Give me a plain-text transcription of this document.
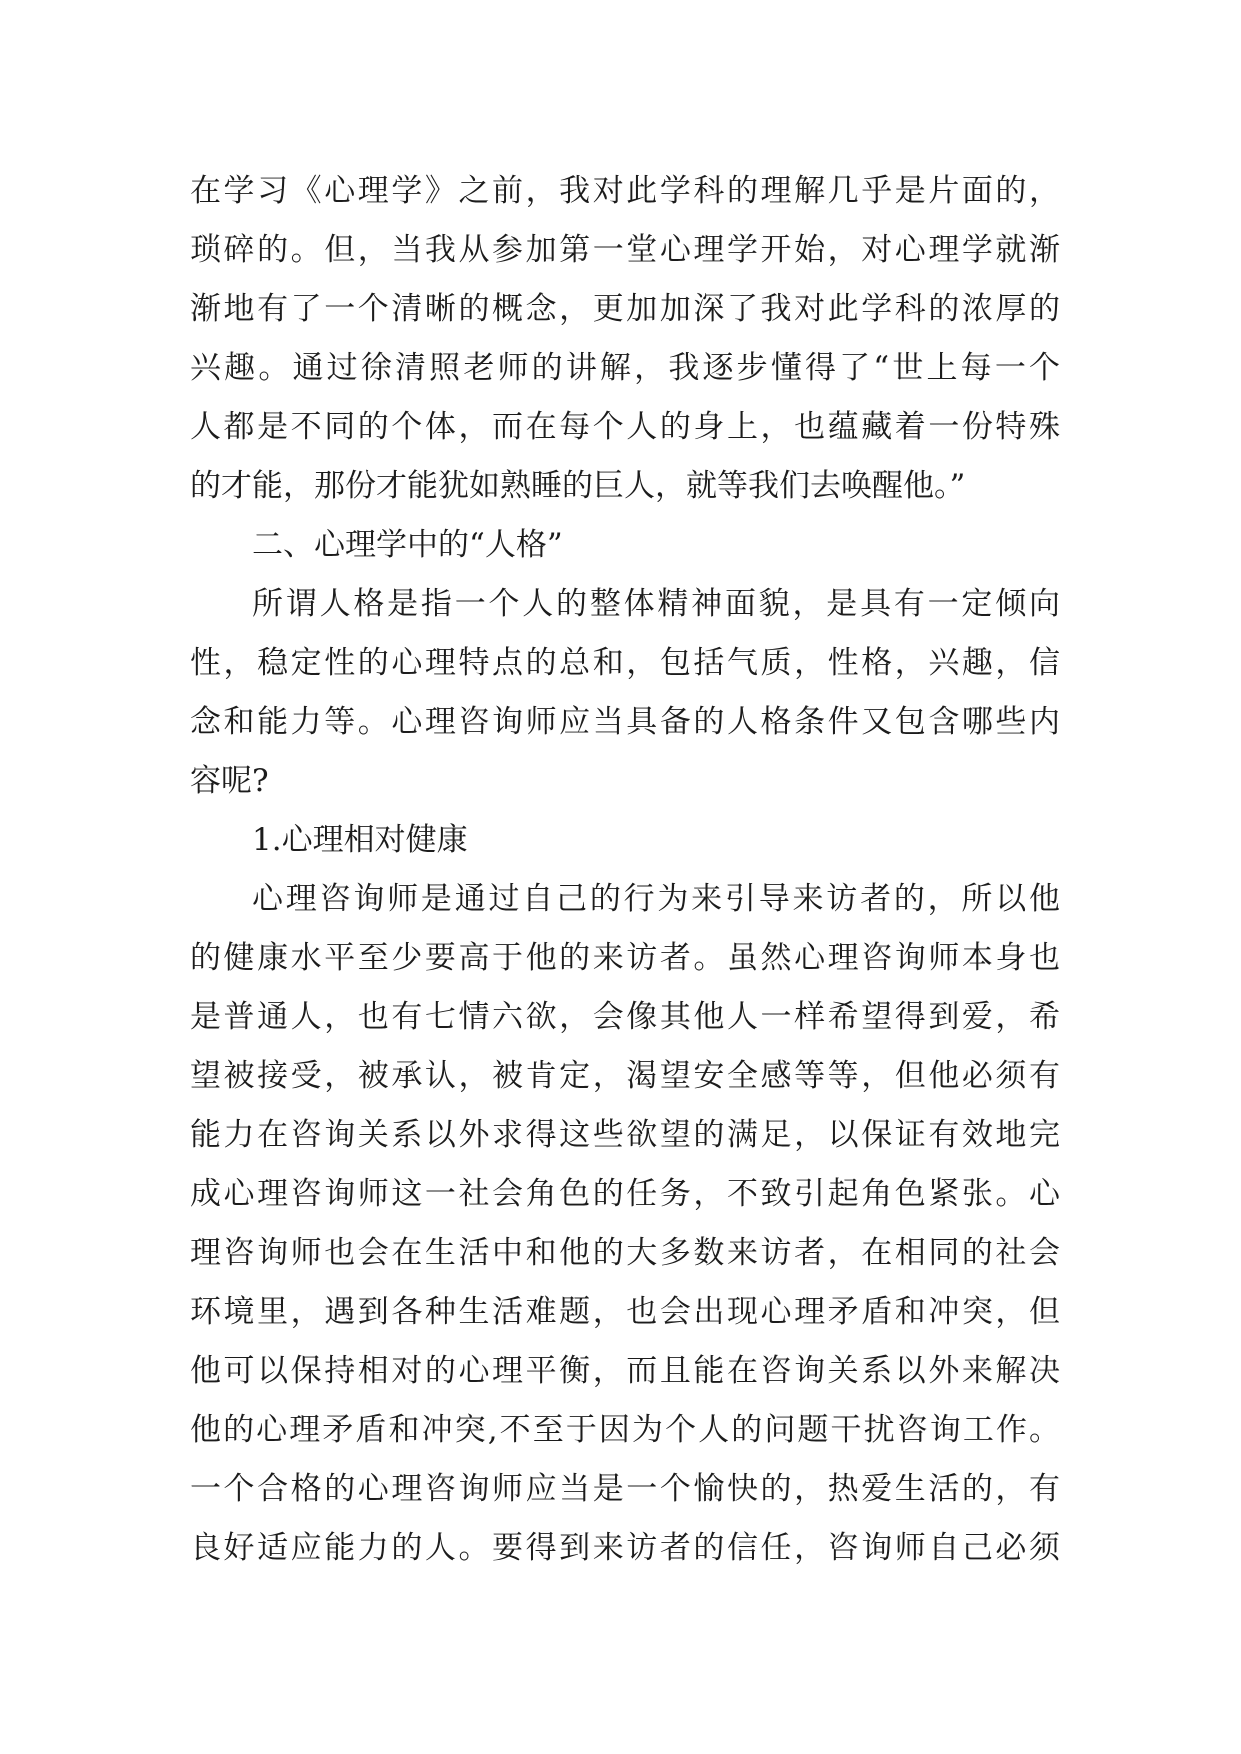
在学习《心理学》之前，我对此学科的理解几乎是片面的，
琐碎的。但，当我从参加第一堂心理学开始，对心理学就渐
渐地有了一个清晰的概念，更加加深了我对此学科的浓厚的
兴趣。通过徐清照老师的讲解，我逐步懂得了“世上每一个
人都是不同的个体，而在每个人的身上，也蕴藏着一份特殊
的才能，那份才能犹如熟睡的巨人，就等我们去唤醒他。”
二、心理学中的“人格”
所谓人格是指一个人的整体精神面貌，是具有一定倾向
性，稳定性的心理特点的总和，包括气质，性格，兴趣，信
念和能力等。心理咨询师应当具备的人格条件又包含哪些内
容呢?
1.心理相对健康
心理咨询师是通过自己的行为来引导来访者的，所以他
的健康水平至少要高于他的来访者。虽然心理咨询师本身也
是普通人，也有七情六欲，会像其他人一样希望得到爱，希
望被接受，被承认，被肯定，渴望安全感等等，但他必须有
能力在咨询关系以外求得这些欲望的满足，以保证有效地完
成心理咨询师这一社会角色的任务，不致引起角色紧张。心
理咨询师也会在生活中和他的大多数来访者，在相同的社会
环境里，遇到各种生活难题，也会出现心理矛盾和冲突，但
他可以保持相对的心理平衡，而且能在咨询关系以外来解决
他的心理矛盾和冲突,不至于因为个人的问题干扰咨询工作。
一个合格的心理咨询师应当是一个愉快的，热爱生活的，有
良好适应能力的人。要得到来访者的信任，咨询师自己必须
